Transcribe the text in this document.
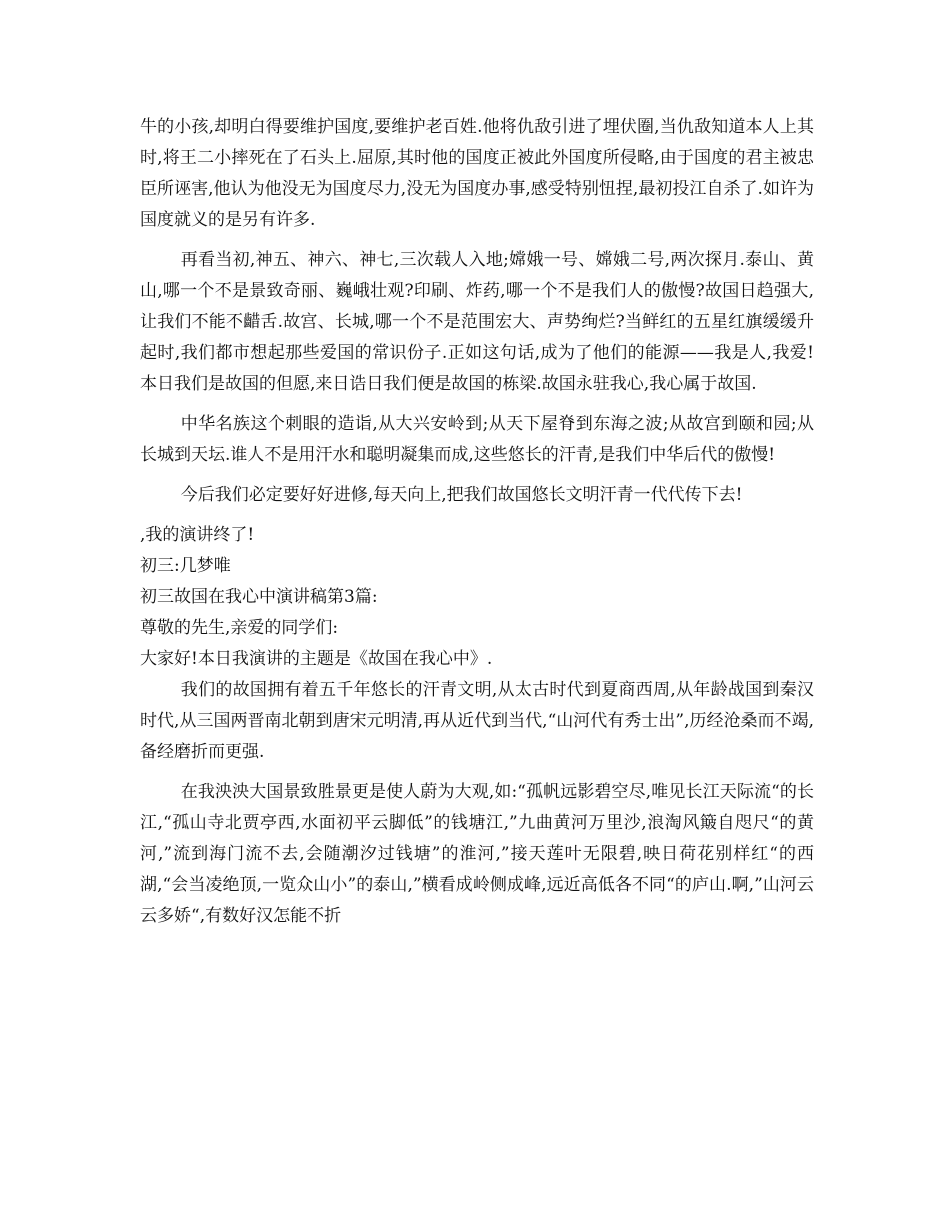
牛的小孩,却明白得要维护国度,要维护老百姓.他将仇敌引进了埋伏圈,当仇敌知道本人上其时,将王二小摔死在了石头上.屈原,其时他的国度正被此外国度所侵略,由于国度的君主被忠臣所诬害,他认为他没无为国度尽力,没无为国度办事,感受特别忸捏,最初投江自杀了.如许为国度就义的是另有许多.

再看当初,神五、神六、神七,三次载人入地;嫦娥一号、嫦娥二号,两次探月.泰山、黄山,哪一个不是景致奇丽、巍峨壮观?印刷、炸药,哪一个不是我们人的傲慢?故国日趋强大,让我们不能不齰舌.故宫、长城,哪一个不是范围宏大、声势绚烂?当鲜红的五星红旗缓缓升起时,我们都市想起那些爱国的常识份子.正如这句话,成为了他们的能源——我是人,我爱!本日我们是故国的但愿,来日诰日我们便是故国的栋梁.故国永驻我心,我心属于故国.

中华名族这个刺眼的造诣,从大兴安岭到;从天下屋脊到东海之波;从故宫到颐和园;从长城到天坛.谁人不是用汗水和聪明凝集而成,这些悠长的汗青,是我们中华后代的傲慢!

今后我们必定要好好进修,每天向上,把我们故国悠长文明汗青一代代传下去!

,我的演讲终了!

初三:几梦唯

初三故国在我心中演讲稿第3篇:

尊敬的先生,亲爱的同学们:

大家好!本日我演讲的主题是《故国在我心中》.

我们的故国拥有着五千年悠长的汗青文明,从太古时代到夏商西周,从年龄战国到秦汉时代,从三国两晋南北朝到唐宋元明清,再从近代到当代,“山河代有秀士出”,历经沧桑而不竭,备经磨折而更强.

在我泱泱大国景致胜景更是使人蔚为大观,如:“孤帆远影碧空尽,唯见长江天际流“的长江,“孤山寺北贾亭西,水面初平云脚低”的钱塘江,”九曲黄河万里沙,浪淘风簸自咫尺“的黄河,”流到海门流不去,会随潮汐过钱塘”的淮河,”接天莲叶无限碧,映日荷花别样红“的西湖,“会当凌绝顶,一览众山小”的泰山,”横看成岭侧成峰,远近高低各不同“的庐山.啊,”山河云云多娇“,有数好汉怎能不折
